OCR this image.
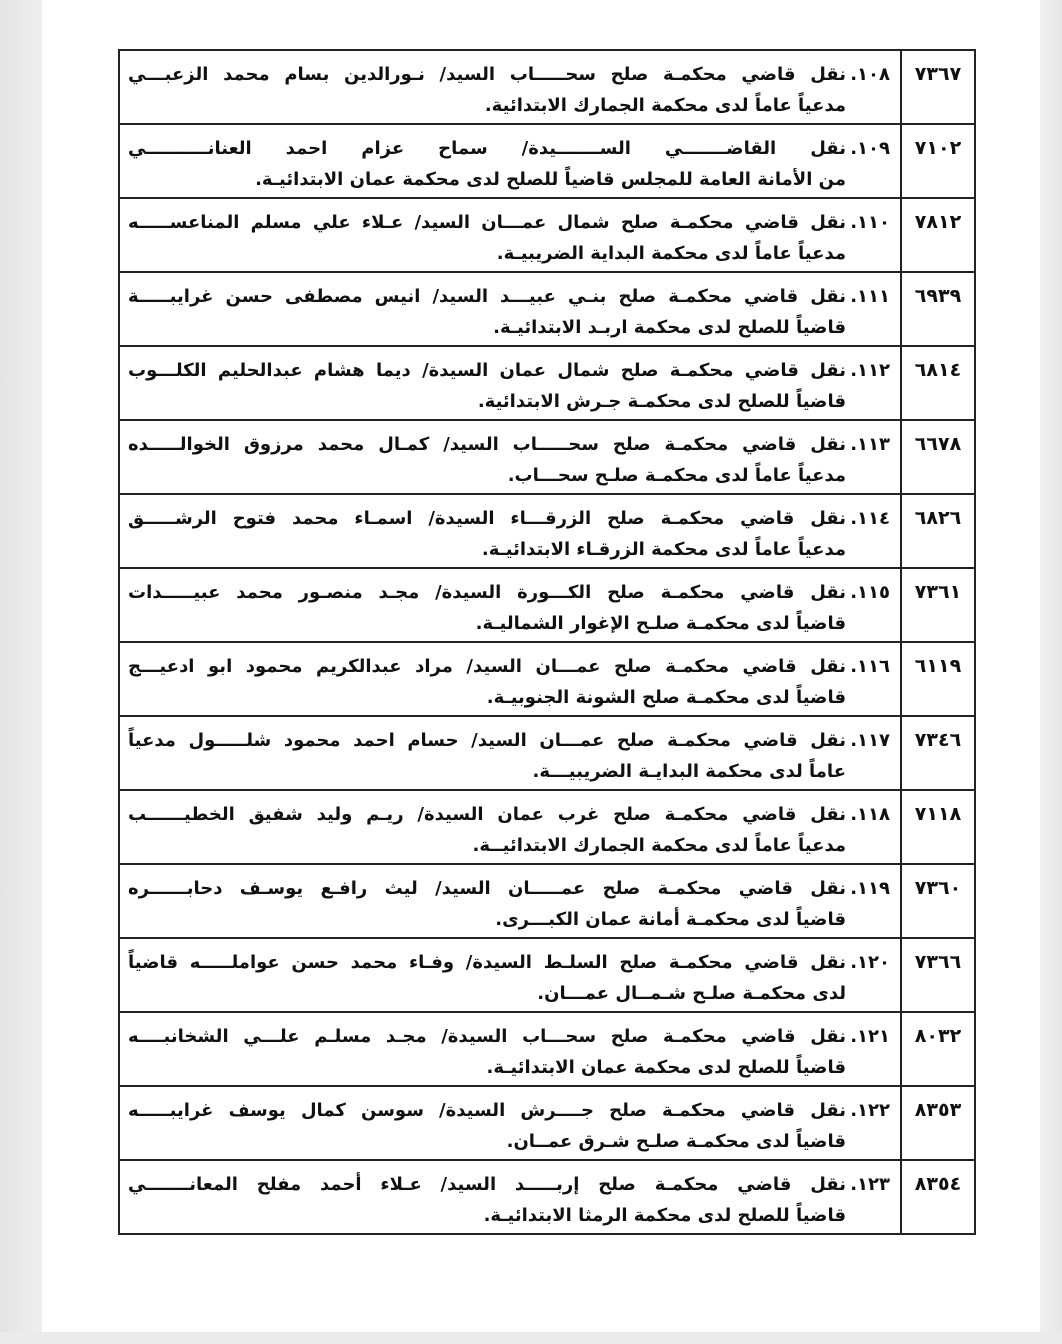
٧٣٦٧	١٠٨.
نقل قاضي محكمـة صلح سحـــــاب السيد/ نـورالدين بسام محمد الزعبـــي
مدعياً عاماً لدى محكمة الجمارك الابتدائية.

٧١٠٢	١٠٩.
نقل القاضـــــــي الســـــــيدة/ سماح عزام احمد العنانــــــــــي
من الأمانة العامة للمجلس قاضياً للصلح لدى محكمة عمان الابتدائيـة.

٧٨١٢	١١٠.
نقل قاضي محكمـة صلح شمال عمـــان السيد/ عـلاء علي مسلم المناعســـــه
مدعياً عاماً لدى محكمة البداية الضريبيـة.

٦٩٣٩	١١١.
نقل قاضي محكمـة صلح بنـي عبيـــد السيد/ انيس مصطفى حسن غرايبـــــة
قاضياً للصلح لدى محكمة اربـد الابتدائيـة.

٦٨١٤	١١٢.
نقل قاضي محكمـة صلح شمال عمان السيدة/ ديما هشام عبدالحليم الكلـــوب
قاضياً للصلح لدى محكمـة جـرش الابتدائية.

٦٦٧٨	١١٣.
نقل قاضي محكمـة صلح سحـــــاب السيد/ كمـال محمد مرزوق الخوالـــــده
مدعياً عاماً لدى محكمـة صلـح سحـــاب.

٦٨٢٦	١١٤.
نقل قاضي محكمـة صلح الزرقـــاء السيدة/ اسمـاء محمد فتوح الرشـــــق
مدعياً عاماً لدى محكمة الزرقـاء الابتدائيـة.

٧٣٦١	١١٥.
نقل قاضي محكمـة صلح الكـــورة السيدة/ مجـد منصـور محمد عبيـــــدات
قاضياً لدى محكمـة صلـح الإغوار الشماليـة.

٦١١٩	١١٦.
نقل قاضي محكمـة صلح عمـــان السيد/ مراد عبدالكريم محمود ابو ادعيـــج
قاضياً لدى محكمـة صلح الشونة الجنوبيـة.

٧٣٤٦	١١٧.
نقل قاضي محكمـة صلح عمـــان السيد/ حسام احمد محمود شلـــــول مدعياً
عاماً لدى محكمة البدايـة الضريبيـــة.

٧١١٨	١١٨.
نقل قاضي محكمـة صلح غرب عمان السيدة/ ريـم وليد شفيق الخطيــــــب
مدعياً عاماً لدى محكمة الجمارك الابتدائيــة.

٧٣٦٠	١١٩.
نقل قاضي محكمـة صلح عمـــــان السيد/ ليث رافـع يوسـف دحابــــــره
قاضياً لدى محكمـة أمانة عمان الكبـــرى.

٧٣٦٦	١٢٠.
نقل قاضي محكمـة صلح السلـط السيدة/ وفـاء محمد حسن عواملـــــه قاضياً
لدى محكمـة صلـح شـمــال عمـــان.

٨٠٣٢	١٢١.
نقل قاضي محكمـة صلح سحـــاب السيدة/ مجـد مسلـم علـــي الشخانبــــه
قاضياً للصلح لدى محكمة عمان الابتدائيـة.

٨٣٥٣	١٢٢.
نقل قاضي محكمـة صلح جــــرش السيدة/ سوسن كمال يوسف غرايبـــــه
قاضياً لدى محكمـة صلـح شـرق عمــان.

٨٣٥٤	١٢٣.
نقل قاضي محكمـة صلح إربـــــد السيد/ عـلاء أحمد مفلح المعانـــــــي
قاضياً للصلح لدى محكمة الرمثا الابتدائيـة.
